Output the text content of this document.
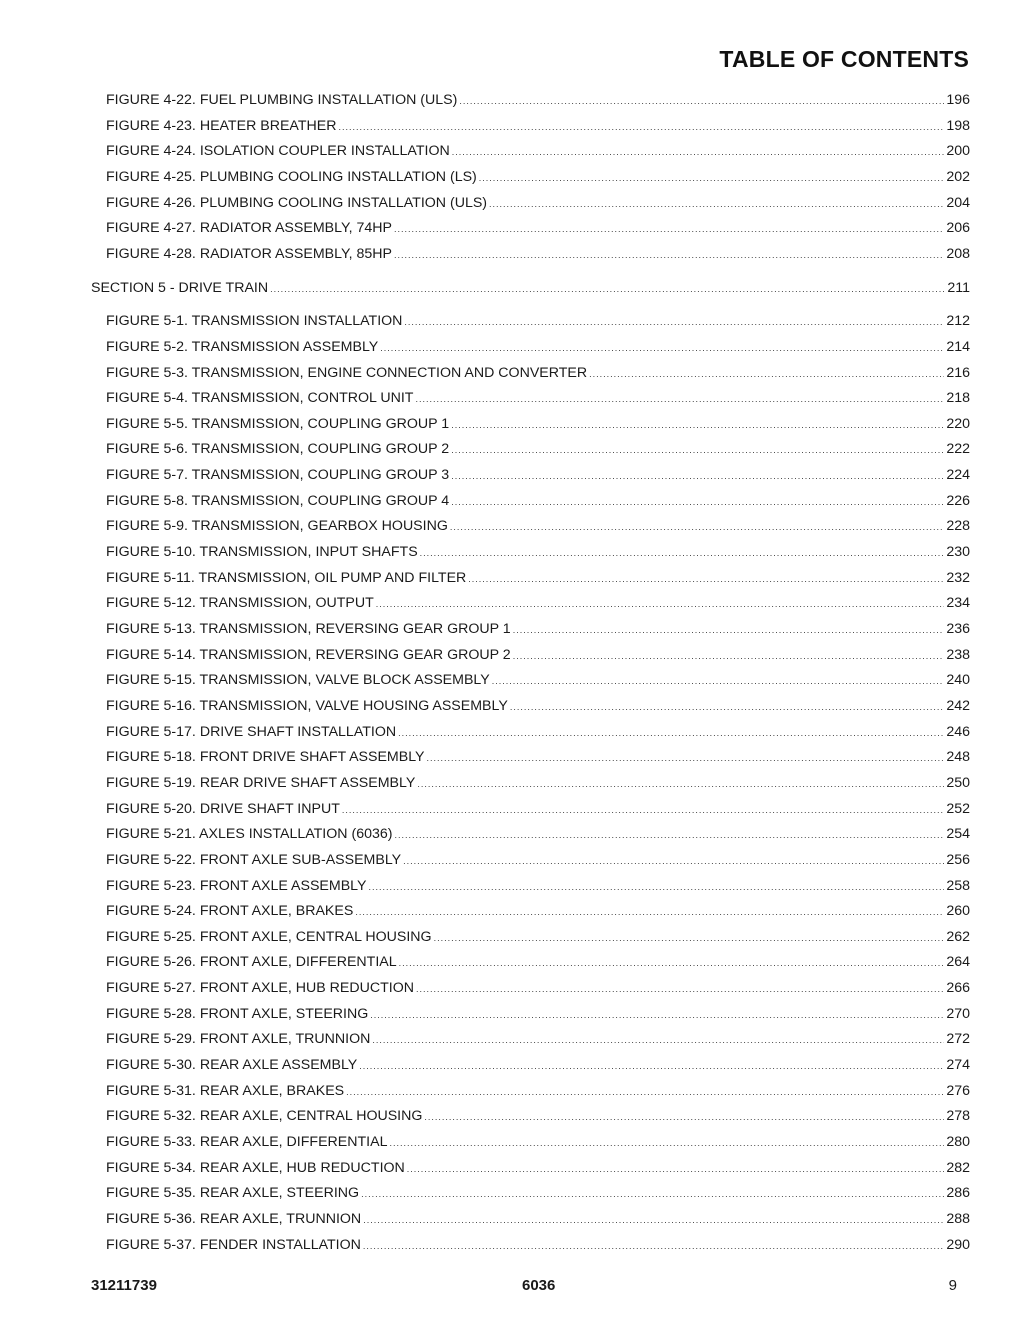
TABLE OF CONTENTS
FIGURE 4-22. FUEL PLUMBING INSTALLATION (ULS) .....	196
FIGURE 4-23. HEATER BREATHER .....	198
FIGURE 4-24. ISOLATION COUPLER INSTALLATION .....	200
FIGURE 4-25. PLUMBING COOLING INSTALLATION (LS) .....	202
FIGURE 4-26. PLUMBING COOLING INSTALLATION (ULS) .....	204
FIGURE 4-27. RADIATOR ASSEMBLY, 74HP .....	206
FIGURE 4-28. RADIATOR ASSEMBLY, 85HP .....	208
SECTION 5 - DRIVE TRAIN .....	211
FIGURE 5-1. TRANSMISSION INSTALLATION .....	212
FIGURE 5-2. TRANSMISSION ASSEMBLY .....	214
FIGURE 5-3. TRANSMISSION, ENGINE CONNECTION AND CONVERTER .....	216
FIGURE 5-4. TRANSMISSION, CONTROL UNIT .....	218
FIGURE 5-5. TRANSMISSION, COUPLING GROUP 1 .....	220
FIGURE 5-6. TRANSMISSION, COUPLING GROUP 2 .....	222
FIGURE 5-7. TRANSMISSION, COUPLING GROUP 3 .....	224
FIGURE 5-8. TRANSMISSION, COUPLING GROUP 4 .....	226
FIGURE 5-9. TRANSMISSION, GEARBOX HOUSING .....	228
FIGURE 5-10. TRANSMISSION, INPUT SHAFTS .....	230
FIGURE 5-11. TRANSMISSION, OIL PUMP AND FILTER .....	232
FIGURE 5-12. TRANSMISSION, OUTPUT .....	234
FIGURE 5-13. TRANSMISSION, REVERSING GEAR GROUP 1 .....	236
FIGURE 5-14. TRANSMISSION, REVERSING GEAR GROUP 2 .....	238
FIGURE 5-15. TRANSMISSION, VALVE BLOCK ASSEMBLY .....	240
FIGURE 5-16. TRANSMISSION, VALVE HOUSING ASSEMBLY .....	242
FIGURE 5-17. DRIVE SHAFT INSTALLATION .....	246
FIGURE 5-18. FRONT DRIVE SHAFT ASSEMBLY .....	248
FIGURE 5-19. REAR DRIVE SHAFT ASSEMBLY .....	250
FIGURE 5-20. DRIVE SHAFT INPUT .....	252
FIGURE 5-21. AXLES INSTALLATION (6036) .....	254
FIGURE 5-22. FRONT AXLE SUB-ASSEMBLY .....	256
FIGURE 5-23. FRONT AXLE ASSEMBLY .....	258
FIGURE 5-24. FRONT AXLE, BRAKES .....	260
FIGURE 5-25. FRONT AXLE, CENTRAL HOUSING .....	262
FIGURE 5-26. FRONT AXLE, DIFFERENTIAL .....	264
FIGURE 5-27. FRONT AXLE, HUB REDUCTION .....	266
FIGURE 5-28. FRONT AXLE, STEERING .....	270
FIGURE 5-29. FRONT AXLE, TRUNNION .....	272
FIGURE 5-30. REAR AXLE ASSEMBLY .....	274
FIGURE 5-31. REAR AXLE, BRAKES .....	276
FIGURE 5-32. REAR AXLE, CENTRAL HOUSING .....	278
FIGURE 5-33. REAR AXLE, DIFFERENTIAL .....	280
FIGURE 5-34. REAR AXLE, HUB REDUCTION .....	282
FIGURE 5-35. REAR AXLE, STEERING .....	286
FIGURE 5-36. REAR AXLE, TRUNNION .....	288
FIGURE 5-37. FENDER INSTALLATION .....	290
31211739	6036	9
